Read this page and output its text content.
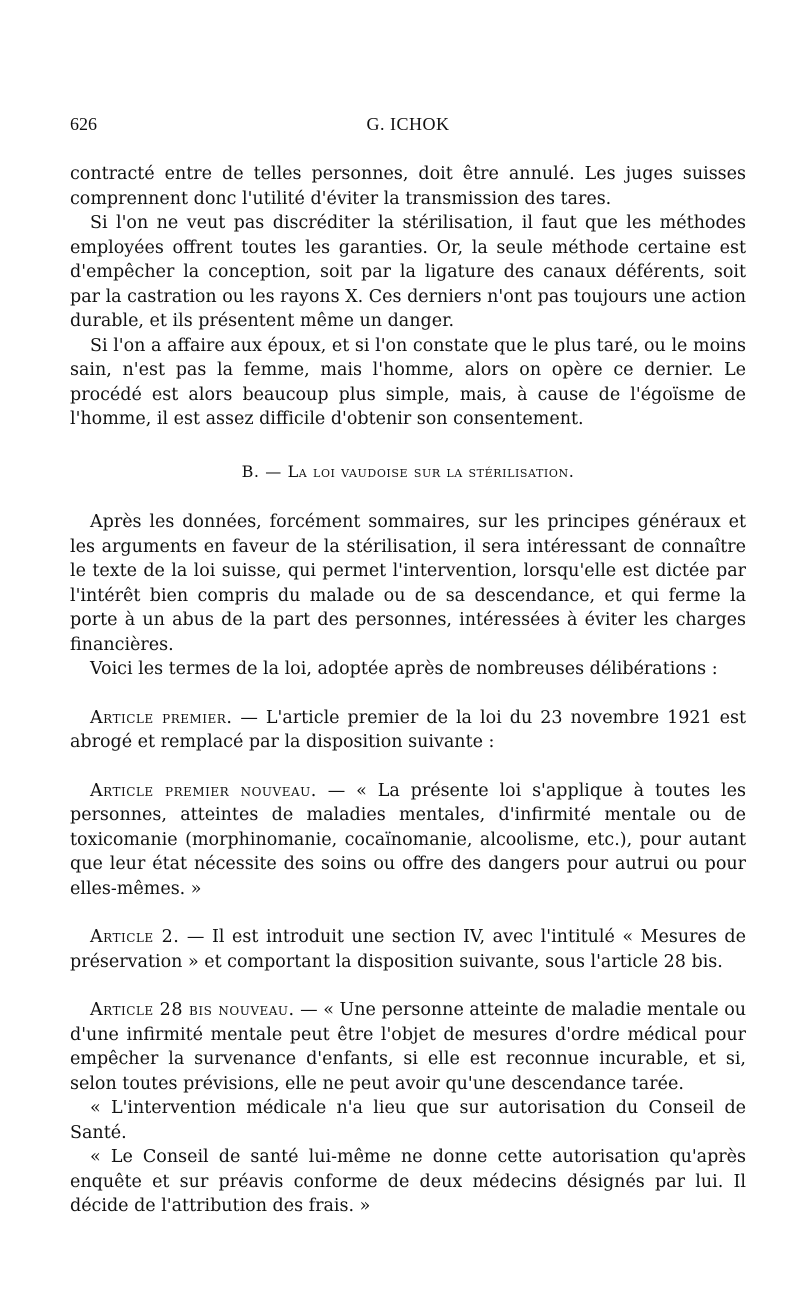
626	G. ICHOK

contracté entre de telles personnes, doit être annulé. Les juges suisses comprennent donc l'utilité d'éviter la transmission des tares.

Si l'on ne veut pas discréditer la stérilisation, il faut que les méthodes employées offrent toutes les garanties. Or, la seule méthode certaine est d'empêcher la conception, soit par la ligature des canaux déférents, soit par la castration ou les rayons X. Ces derniers n'ont pas toujours une action durable, et ils présentent même un danger.

Si l'on a affaire aux époux, et si l'on constate que le plus taré, ou le moins sain, n'est pas la femme, mais l'homme, alors on opère ce dernier. Le procédé est alors beaucoup plus simple, mais, à cause de l'égoïsme de l'homme, il est assez difficile d'obtenir son consentement.

B. — La loi vaudoise sur la stérilisation.

Après les données, forcément sommaires, sur les principes généraux et les arguments en faveur de la stérilisation, il sera intéressant de connaître le texte de la loi suisse, qui permet l'intervention, lorsqu'elle est dictée par l'intérêt bien compris du malade ou de sa descendance, et qui ferme la porte à un abus de la part des personnes, intéressées à éviter les charges financières.

Voici les termes de la loi, adoptée après de nombreuses délibérations :

Article premier. — L'article premier de la loi du 23 novembre 1921 est abrogé et remplacé par la disposition suivante :

Article premier nouveau. — « La présente loi s'applique à toutes les personnes, atteintes de maladies mentales, d'infirmité mentale ou de toxicomanie (morphinomanie, cocaïnomanie, alcoolisme, etc.), pour autant que leur état nécessite des soins ou offre des dangers pour autrui ou pour elles-mêmes. »

Article 2. — Il est introduit une section IV, avec l'intitulé « Mesures de préservation » et comportant la disposition suivante, sous l'article 28 bis.

Article 28 bis nouveau. — « Une personne atteinte de maladie mentale ou d'une infirmité mentale peut être l'objet de mesures d'ordre médical pour empêcher la survenance d'enfants, si elle est reconnue incurable, et si, selon toutes prévisions, elle ne peut avoir qu'une descendance tarée.

« L'intervention médicale n'a lieu que sur autorisation du Conseil de Santé.

« Le Conseil de santé lui-même ne donne cette autorisation qu'après enquête et sur préavis conforme de deux médecins désignés par lui. Il décide de l'attribution des frais. »
